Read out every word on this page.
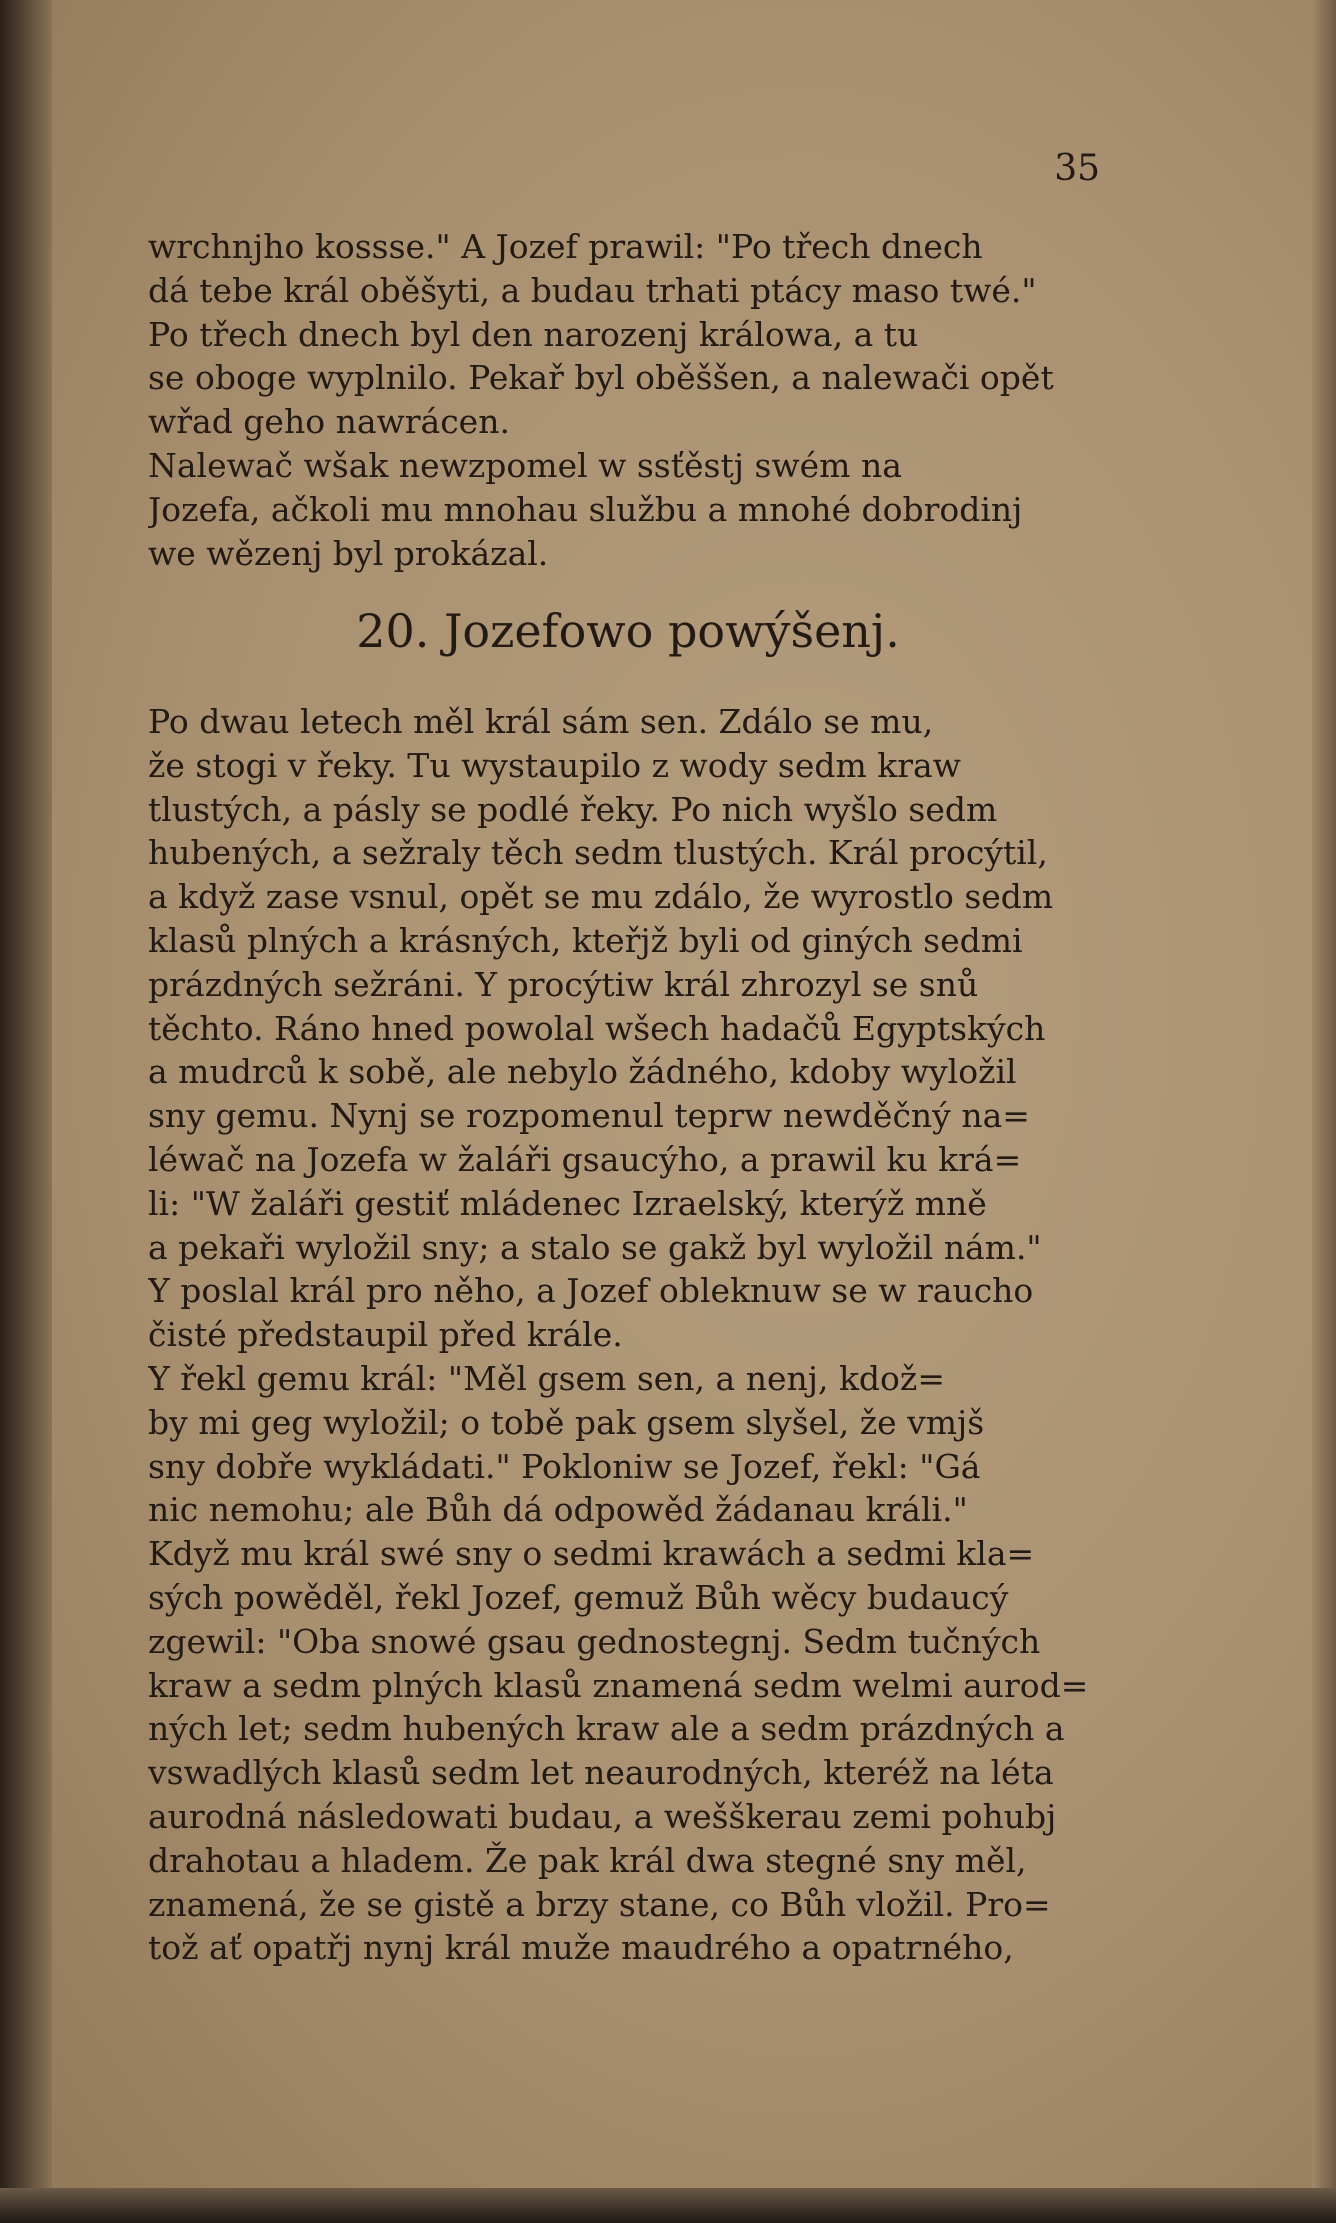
35
wrchnjho kossse." A Jozef prawil: "Po třech dnech
dá tebe král oběšyti, a budau trhati ptácy maso twé."
Po třech dnech byl den narozenj králowa, a tu
se oboge wyplnilo. Pekař byl oběššen, a nalewači opět
wřad geho nawrácen.
Nalewač wšak newzpomel w ssťěstj swém na
Jozefa, ačkoli mu mnohau službu a mnohé dobrodinj
we wězenj byl prokázal.
20. Jozefowo powýšenj.
Po dwau letech měl král sám sen. Zdálo se mu,
že stogi v řeky. Tu wystaupilo z wody sedm kraw
tlustých, a pásly se podlé řeky. Po nich wyšlo sedm
hubených, a sežraly těch sedm tlustých. Král procýtil,
a když zase vsnul, opět se mu zdálo, že wyrostlo sedm
klasů plných a krásných, kteřjž byli od giných sedmi
prázdných sežráni. Y procýtiw král zhrozyl se snů
těchto. Ráno hned powolal wšech hadačů Egyptských
a mudrců k sobě, ale nebylo žádného, kdoby wyložil
sny gemu. Nynj se rozpomenul teprw newděčný na=
léwač na Jozefa w žaláři gsaucýho, a prawil ku krá=
li: "W žaláři gestiť mládenec Izraelský, kterýž mně
a pekaři wyložil sny; a stalo se gakž byl wyložil nám."
Y poslal král pro něho, a Jozef obleknuw se w raucho
čisté předstaupil před krále.
Y řekl gemu král: "Měl gsem sen, a nenj, kdož=
by mi geg wyložil; o tobě pak gsem slyšel, že vmjš
sny dobře wykládati." Pokloniw se Jozef, řekl: "Gá
nic nemohu; ale Bůh dá odpowěd žádanau králi."
Když mu král swé sny o sedmi krawách a sedmi kla=
sých powěděl, řekl Jozef, gemuž Bůh wěcy budaucý
zgewil: "Oba snowé gsau gednostegnj. Sedm tučných
kraw a sedm plných klasů znamená sedm welmi aurod=
ných let; sedm hubených kraw ale a sedm prázdných a
vswadlých klasů sedm let neaurodných, kteréž na léta
aurodná následowati budau, a wešškerau zemi pohubj
drahotau a hladem. Že pak král dwa stegné sny měl,
znamená, že se gistě a brzy stane, co Bůh vložil. Pro=
tož ať opatřj nynj král muže maudrého a opatrného,
